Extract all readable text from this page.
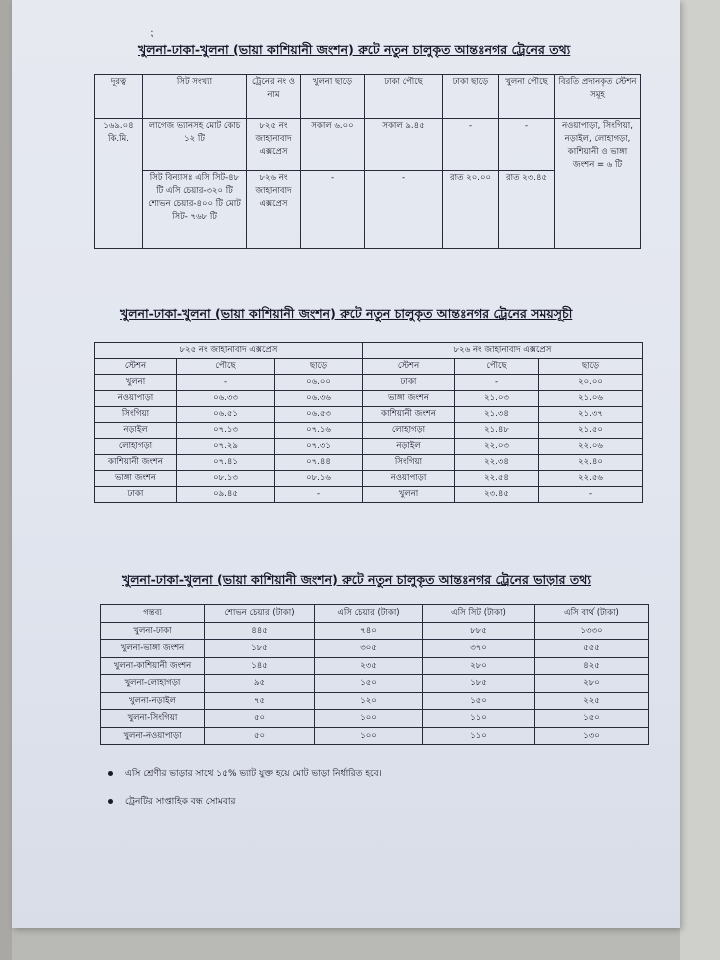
⁏
খুলনা-ঢাকা-খুলনা (ভায়া কাশিয়ানী জংশন) রুটে নতুন চালুকৃত আন্তঃনগর ট্রেনের তথ্য
দূরত্ব	সিট সংখ্যা	ট্রেনের নং ও নাম	খুলনা ছাড়ে	ঢাকা পৌছে	ঢাকা ছাড়ে	খুলনা পৌছে	বিরতি প্রদানকৃত স্টেশন সমূহ
১৬৯.০৪ কি.মি.	লাগেজ ভ্যানসহ মোট কোচ ১২ টি	৮২৫ নং জাহানাবাদ এক্সপ্রেস	সকাল ৬.০০	সকাল ৯.৪৫	-	-	নওয়াপাড়া, সিংগিয়া, নড়াইল, লোহাগড়া, কাশিয়ানী ও ভাঙ্গা জংশন = ৬ টি
	সিট বিন্যাসঃ এসি সিট-৪৮ টি এসি চেয়ার-৩২০ টি শোভন চেয়ার-৪০০ টি মোট সিট- ৭৬৮ টি	৮২৬ নং জাহানাবাদ এক্সপ্রেস	-	-	রাত ২০.০০	রাত ২৩.৪৫	
খুলনা-ঢাকা-খুলনা (ভায়া কাশিয়ানী জংশন) রুটে নতুন চালুকৃত আন্তঃনগর ট্রেনের সময়সূচী
৮২৫ নং জাহানাবাদ এক্সপ্রেস			৮২৬ নং জাহানাবাদ এক্সপ্রেস		
স্টেশন	পৌছে	ছাড়ে	স্টেশন	পৌছে	ছাড়ে
খুলনা	-	০৬.০০	ঢাকা	-	২০.০০
নওয়াপাড়া	০৬.৩৩	০৬.৩৬	ভাঙ্গা জংশন	২১.০৩	২১.০৬
সিংগিয়া	০৬.৫১	০৬.৫৩	কাশিয়ানী জংশন	২১.৩৪	২১.৩৭
নড়াইল	০৭.১৩	০৭.১৬	লোহাগড়া	২১.৪৮	২১.৫০
লোহাগড়া	০৭.২৯	০৭.৩১	নড়াইল	২২.০৩	২২.০৬
কাশিয়ানী জংশন	০৭.৪১	০৭.৪৪	সিংগিয়া	২২.৩৪	২২.৪০
ভাঙ্গা জংশন	০৮.১৩	০৮.১৬	নওয়াপাড়া	২২.৫৪	২২.৫৬
ঢাকা	০৯.৪৫	-	খুলনা	২৩.৪৫	-
খুলনা-ঢাকা-খুলনা (ভায়া কাশিয়ানী জংশন) রুটে নতুন চালুকৃত আন্তঃনগর ট্রেনের ভাড়ার তথ্য
গন্তব্য	শোভন চেয়ার (টাকা)	এসি চেয়ার (টাকা)	এসি সিট (টাকা)	এসি বার্থ (টাকা)
খুলনা-ঢাকা	৪৪৫	৭৪০	৮৮৫	১৩৩০
খুলনা-ভাঙ্গা জংশন	১৮৫	৩০৫	৩৭০	৫৫৫
খুলনা-কাশিয়ানী জংশন	১৪৫	২৩৫	২৮০	৪২৫
খুলনা-লোহাগড়া	৯৫	১৫০	১৮৫	২৮০
খুলনা-নড়াইল	৭৫	১২০	১৫০	২২৫
খুলনা-সিংগিয়া	৫০	১০০	১১০	১৫০
খুলনা-নওয়াপাড়া	৫০	১০০	১১০	১৩০
এসি শ্রেণীর ভাড়ার সাথে ১৫% ভ্যাট যুক্ত হয়ে মোট ভাড়া নির্ধারিত হবে।
ট্রেনটির সাপ্তাহিক বন্ধ সোমবার
